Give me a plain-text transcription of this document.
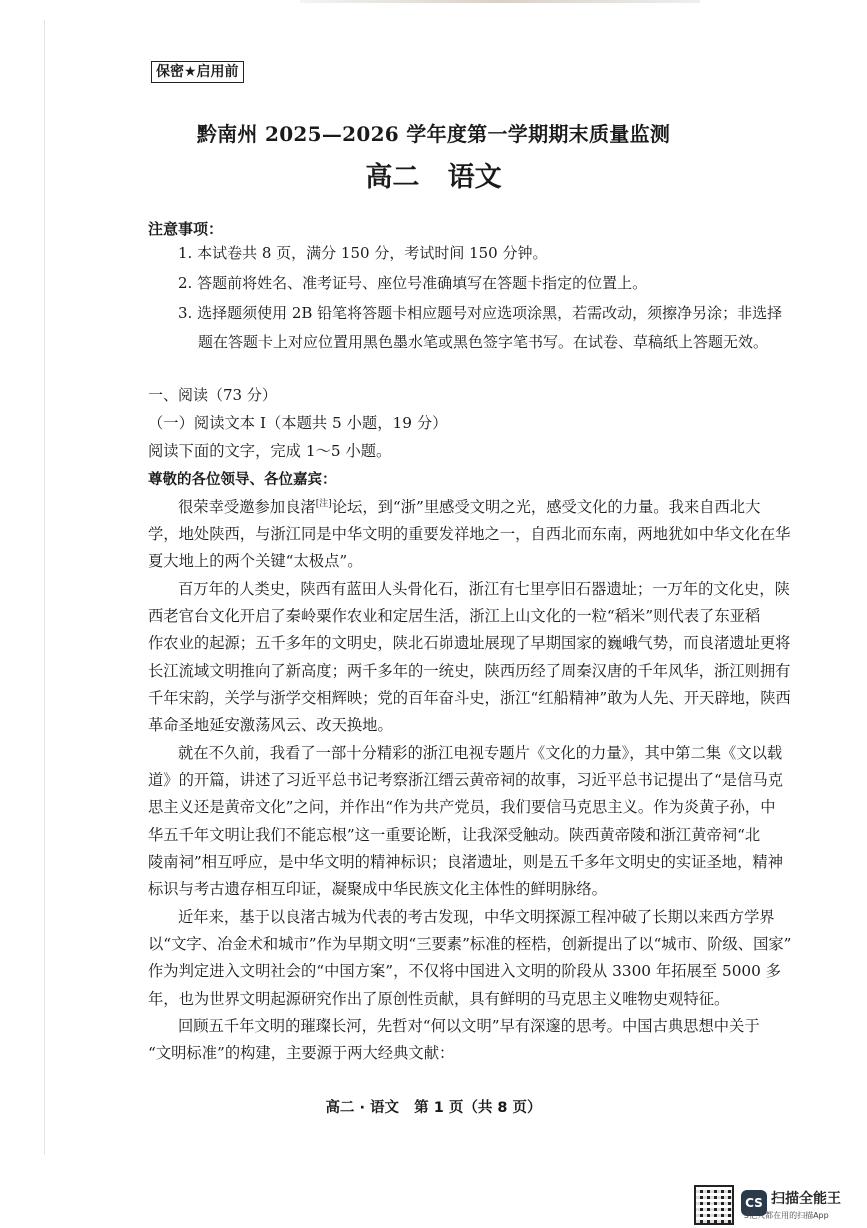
保密★启用前
黔南州 2025—2026 学年度第一学期期末质量监测
高二   语文
注意事项：
1. 本试卷共 8 页，满分 150 分，考试时间 150 分钟。
2. 答题前将姓名、准考证号、座位号准确填写在答题卡指定的位置上。
3. 选择题须使用 2B 铅笔将答题卡相应题号对应选项涂黑，若需改动，须擦净另涂；非选择
题在答题卡上对应位置用黑色墨水笔或黑色签字笔书写。在试卷、草稿纸上答题无效。
一、阅读（73 分）
（一）阅读文本 I（本题共 5 小题，19 分）
阅读下面的文字，完成 1～5 小题。
尊敬的各位领导、各位嘉宾：
很荣幸受邀参加良渚[注]论坛，到“浙”里感受文明之光，感受文化的力量。我来自西北大
学，地处陕西，与浙江同是中华文明的重要发祥地之一，自西北而东南，两地犹如中华文化在华
夏大地上的两个关键“太极点”。
百万年的人类史，陕西有蓝田人头骨化石，浙江有七里亭旧石器遗址；一万年的文化史，陕
西老官台文化开启了秦岭粟作农业和定居生活，浙江上山文化的一粒“稻米”则代表了东亚稻
作农业的起源；五千多年的文明史，陕北石峁遗址展现了早期国家的巍峨气势，而良渚遗址更将
长江流域文明推向了新高度；两千多年的一统史，陕西历经了周秦汉唐的千年风华，浙江则拥有
千年宋韵，关学与浙学交相辉映；党的百年奋斗史，浙江“红船精神”敢为人先、开天辟地，陕西
革命圣地延安激荡风云、改天换地。
就在不久前，我看了一部十分精彩的浙江电视专题片《文化的力量》，其中第二集《文以载
道》的开篇，讲述了习近平总书记考察浙江缙云黄帝祠的故事，习近平总书记提出了“是信马克
思主义还是黄帝文化”之问，并作出“作为共产党员，我们要信马克思主义。作为炎黄子孙，中
华五千年文明让我们不能忘根”这一重要论断，让我深受触动。陕西黄帝陵和浙江黄帝祠“北
陵南祠”相互呼应，是中华文明的精神标识；良渚遗址，则是五千多年文明史的实证圣地，精神
标识与考古遗存相互印证，凝聚成中华民族文化主体性的鲜明脉络。
近年来，基于以良渚古城为代表的考古发现，中华文明探源工程冲破了长期以来西方学界
以“文字、冶金术和城市”作为早期文明“三要素”标准的桎梏，创新提出了以“城市、阶级、国家”
作为判定进入文明社会的“中国方案”，不仅将中国进入文明的阶段从 3300 年拓展至 5000 多
年，也为世界文明起源研究作出了原创性贡献，具有鲜明的马克思主义唯物史观特征。
回顾五千年文明的璀璨长河，先哲对“何以文明”早有深邃的思考。中国古典思想中关于
“文明标准”的构建，主要源于两大经典文献：
高二 · 语文   第 1 页（共 8 页）
CS 扫描全能王
3亿人都在用的扫描App
